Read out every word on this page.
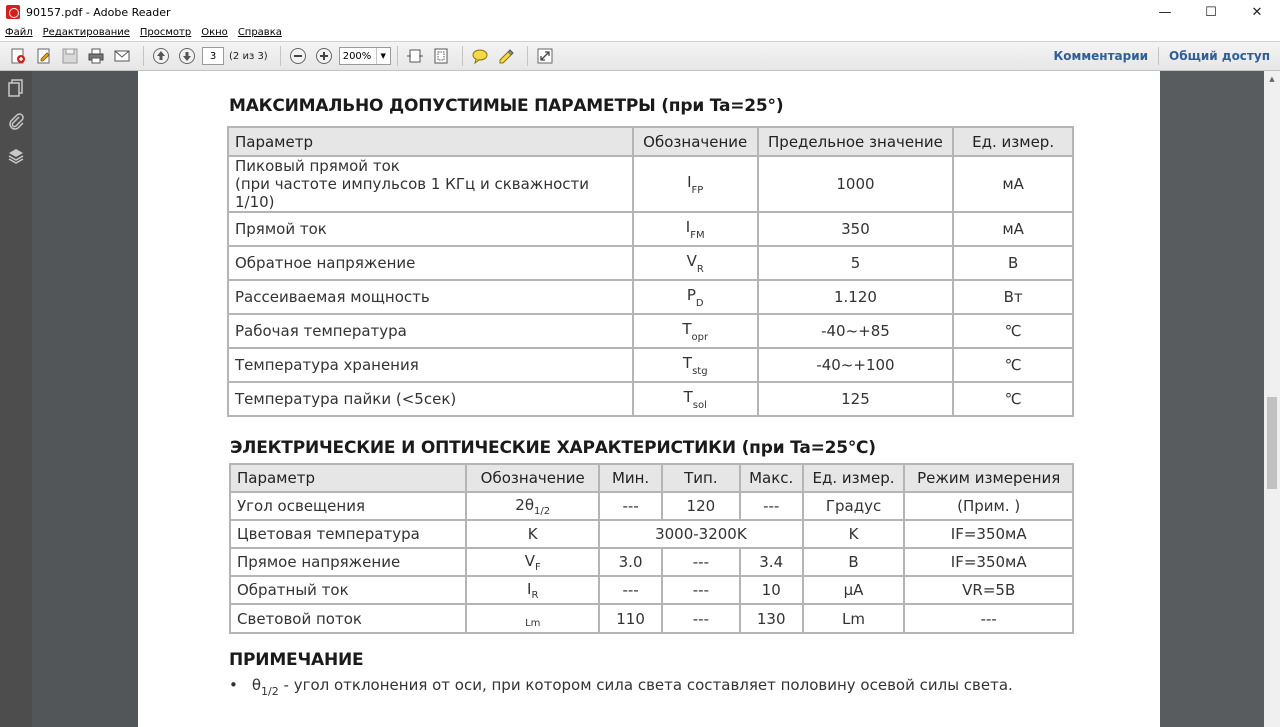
90157.pdf - Adobe Reader	—	☐	✕
Файл Редактирование Просмотр Окно Справка
3	(2 из 3)	200%	▼	Комментарии	Общий доступ
▲
МАКСИМАЛЬНО ДОПУСТИМЫЕ ПАРАМЕТРЫ (при Ta=25°)
Параметр	Обозначение	Предельное значение	Ед. измер.
Пиковый прямой ток
(при частоте импульсов 1 КГц и скважности 1/10)	$I_{FP}$	1000	мА
Прямой ток	$I_{FM}$	350	мА
Обратное напряжение	$V_R$	5	В
Рассеиваемая мощность	$P_D$	1.120	Вт
Рабочая температура	$T_{opr}$	-40~+85	℃
Температура хранения	$T_{stg}$	-40~+100	℃
Температура пайки (<5сек)	$T_{sol}$	125	℃
ЭЛЕКТРИЧЕСКИЕ И ОПТИЧЕСКИЕ ХАРАКТЕРИСТИКИ (при Ta=25℃)
Параметр	Обозначение	Мин.	Тип.	Макс.	Ед. измер.	Режим измерения
Угол освещения	$2\theta_{1/2}$	---	120	---	Градус	(Прим. )
Цветовая температура	K	3000-3200K			K	IF=350мА
Прямое напряжение	$V_F$	3.0	---	3.4	В	IF=350мА
Обратный ток	$I_R$	---	---	10	μA	VR=5В
Световой поток	$_{Lm}$	110	---	130	Lm	---
ПРИМЕЧАНИЕ
• $\theta_{1/2}$ - угол отклонения от оси, при котором сила света составляет половину осевой силы света.
